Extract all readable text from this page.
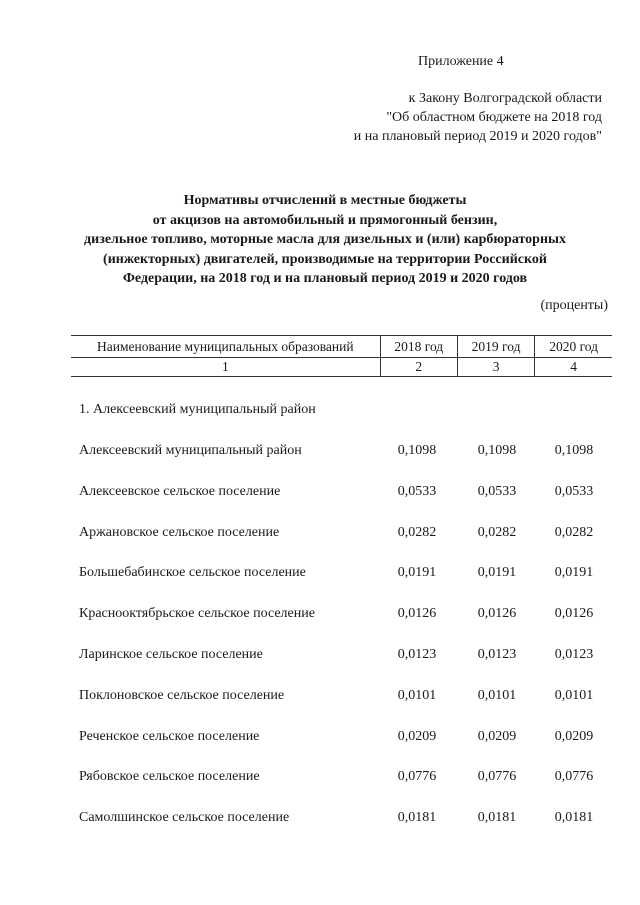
Приложение 4
к Закону Волгоградской области
"Об областном бюджете на 2018 год
и на плановый период 2019 и 2020 годов"
Нормативы отчислений в местные бюджеты
от акцизов на автомобильный и прямогонный бензин,
дизельное топливо, моторные масла для дизельных и (или) карбюраторных
(инжекторных) двигателей, производимые на территории Российской
Федерации, на 2018 год и на плановый период 2019 и 2020 годов
(проценты)
Наименование муниципальных образований	2018 год	2019 год	2020 год
1	2	3	4
1. Алексеевский муниципальный район
Алексеевский муниципальный район	0,1098	0,1098	0,1098
Алексеевское сельское поселение	0,0533	0,0533	0,0533
Аржановское сельское поселение	0,0282	0,0282	0,0282
Большебабинское сельское поселение	0,0191	0,0191	0,0191
Краснооктябрьское сельское поселение	0,0126	0,0126	0,0126
Ларинское сельское поселение	0,0123	0,0123	0,0123
Поклоновское сельское поселение	0,0101	0,0101	0,0101
Реченское сельское поселение	0,0209	0,0209	0,0209
Рябовское сельское поселение	0,0776	0,0776	0,0776
Самолшинское сельское поселение	0,0181	0,0181	0,0181
